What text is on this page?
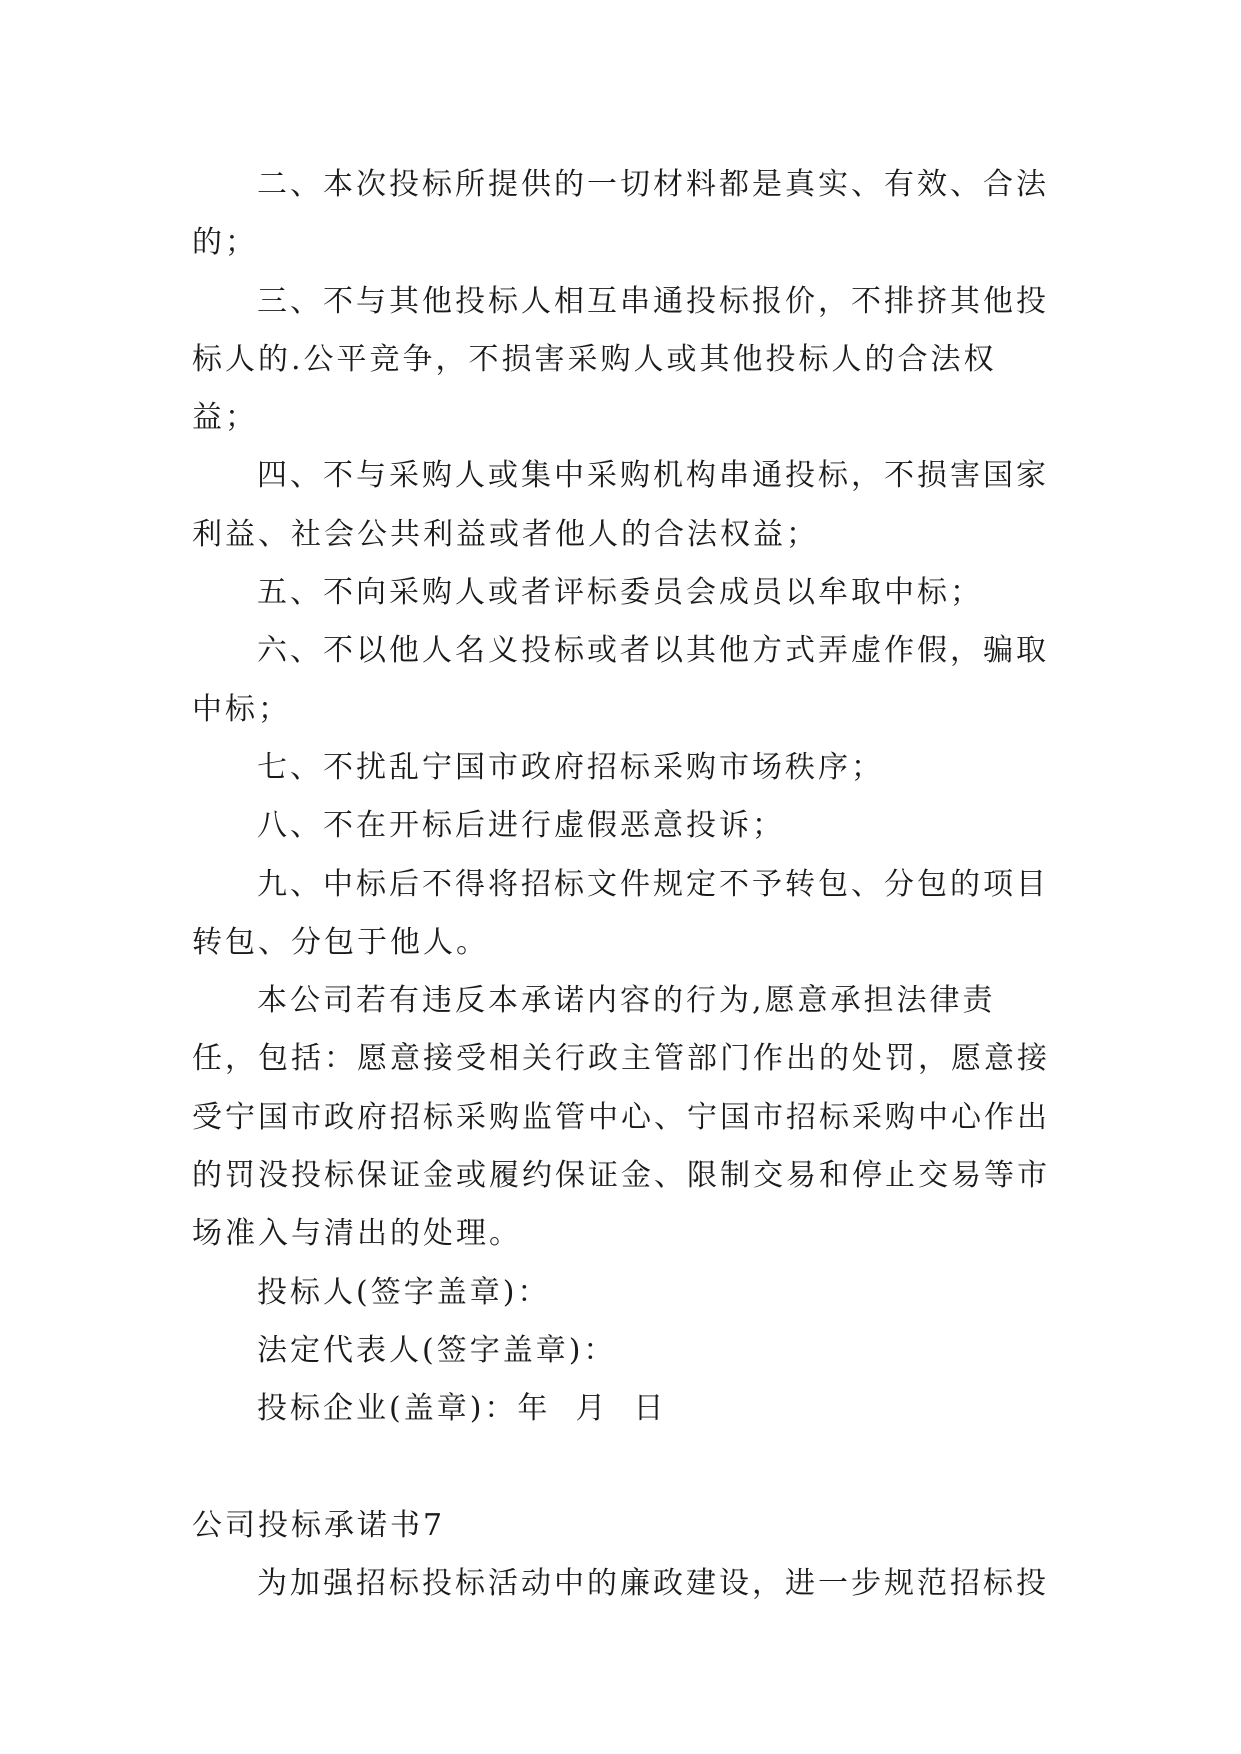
二、本次投标所提供的一切材料都是真实、有效、合法的；

三、不与其他投标人相互串通投标报价，不排挤其他投标人的.公平竞争，不损害采购人或其他投标人的合法权益；

四、不与采购人或集中采购机构串通投标，不损害国家利益、社会公共利益或者他人的合法权益；

五、不向采购人或者评标委员会成员以牟取中标；

六、不以他人名义投标或者以其他方式弄虚作假，骗取中标；

七、不扰乱宁国市政府招标采购市场秩序；

八、不在开标后进行虚假恶意投诉；

九、中标后不得将招标文件规定不予转包、分包的项目转包、分包于他人。

本公司若有违反本承诺内容的行为,愿意承担法律责任，包括：愿意接受相关行政主管部门作出的处罚，愿意接受宁国市政府招标采购监管中心、宁国市招标采购中心作出的罚没投标保证金或履约保证金、限制交易和停止交易等市场准入与清出的处理。

投标人(签字盖章)：

法定代表人(签字盖章)：

投标企业(盖章)：年  月  日

公司投标承诺书7

为加强招标投标活动中的廉政建设，进一步规范招标投
